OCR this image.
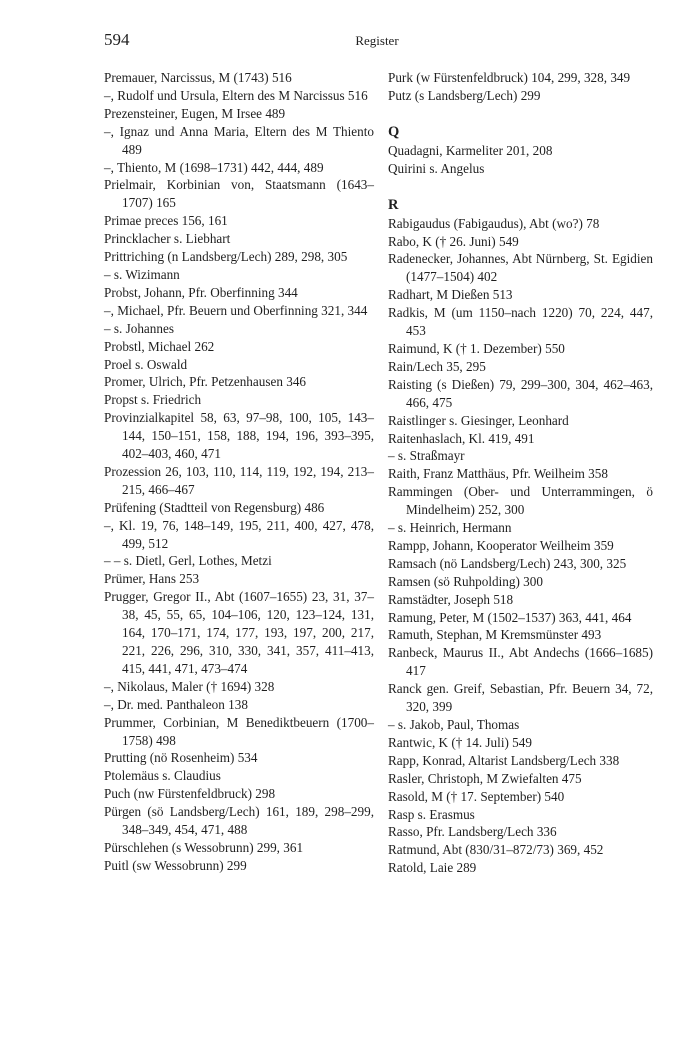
594	Register

Premauer, Narcissus, M (1743) 516

–, Rudolf und Ursula, Eltern des M Narcissus 516

Prezensteiner, Eugen, M Irsee 489

–, Ignaz und Anna Maria, Eltern des M Thiento 489

–, Thiento, M (1698–1731) 442, 444, 489

Prielmair, Korbinian von, Staatsmann (1643–1707) 165

Primae preces 156, 161

Princklacher s. Liebhart

Prittriching (n Landsberg/Lech) 289, 298, 305

– s. Wizimann

Probst, Johann, Pfr. Oberfinning 344

–, Michael, Pfr. Beuern und Oberfinning 321, 344

– s. Johannes

Probstl, Michael 262

Proel s. Oswald

Promer, Ulrich, Pfr. Petzenhausen 346

Propst s. Friedrich

Provinzialkapitel 58, 63, 97–98, 100, 105, 143–144, 150–151, 158, 188, 194, 196, 393–395, 402–403, 460, 471

Prozession 26, 103, 110, 114, 119, 192, 194, 213–215, 466–467

Prüfening (Stadtteil von Regensburg) 486

–, Kl. 19, 76, 148–149, 195, 211, 400, 427, 478, 499, 512

– – s. Dietl, Gerl, Lothes, Metzi

Prümer, Hans 253

Prugger, Gregor II., Abt (1607–1655) 23, 31, 37–38, 45, 55, 65, 104–106, 120, 123–124, 131, 164, 170–171, 174, 177, 193, 197, 200, 217, 221, 226, 296, 310, 330, 341, 357, 411–413, 415, 441, 471, 473–474

–, Nikolaus, Maler († 1694) 328

–, Dr. med. Panthaleon 138

Prummer, Corbinian, M Benediktbeuern (1700–1758) 498

Prutting (nö Rosenheim) 534

Ptolemäus s. Claudius

Puch (nw Fürstenfeldbruck) 298

Pürgen (sö Landsberg/Lech) 161, 189, 298–299, 348–349, 454, 471, 488

Pürschlehen (s Wessobrunn) 299, 361

Puitl (sw Wessobrunn) 299

Purk (w Fürstenfeldbruck) 104, 299, 328, 349

Putz (s Landsberg/Lech) 299

Q

Quadagni, Karmeliter 201, 208

Quirini s. Angelus

R

Rabigaudus (Fabigaudus), Abt (wo?) 78

Rabo, K († 26. Juni) 549

Radenecker, Johannes, Abt Nürnberg, St. Egidien (1477–1504) 402

Radhart, M Dießen 513

Radkis, M (um 1150–nach 1220) 70, 224, 447, 453

Raimund, K († 1. Dezember) 550

Rain/Lech 35, 295

Raisting (s Dießen) 79, 299–300, 304, 462–463, 466, 475

Raistlinger s. Giesinger, Leonhard

Raitenhaslach, Kl. 419, 491

– s. Straßmayr

Raith, Franz Matthäus, Pfr. Weilheim 358

Rammingen (Ober- und Unterrammingen, ö Mindelheim) 252, 300

– s. Heinrich, Hermann

Rampp, Johann, Kooperator Weilheim 359

Ramsach (nö Landsberg/Lech) 243, 300, 325

Ramsen (sö Ruhpolding) 300

Ramstädter, Joseph 518

Ramung, Peter, M (1502–1537) 363, 441, 464

Ramuth, Stephan, M Kremsmünster 493

Ranbeck, Maurus II., Abt Andechs (1666–1685) 417

Ranck gen. Greif, Sebastian, Pfr. Beuern 34, 72, 320, 399

– s. Jakob, Paul, Thomas

Rantwic, K († 14. Juli) 549

Rapp, Konrad, Altarist Landsberg/Lech 338

Rasler, Christoph, M Zwiefalten 475

Rasold, M († 17. September) 540

Rasp s. Erasmus

Rasso, Pfr. Landsberg/Lech 336

Ratmund, Abt (830/31–872/73) 369, 452

Ratold, Laie 289
